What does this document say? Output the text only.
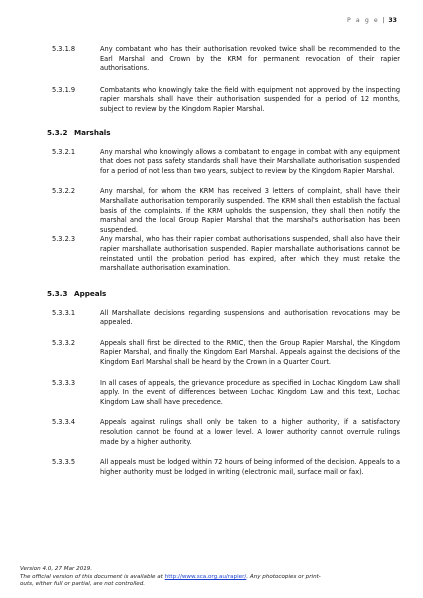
P a g e | 33
5.3.1.8	Any combatant who has their authorisation revoked twice shall be recommended to the Earl Marshal and Crown by the KRM for permanent revocation of their rapier authorisations.

5.3.1.9	Combatants who knowingly take the field with equipment not approved by the inspecting rapier marshals shall have their authorisation suspended for a period of 12 months, subject to review by the Kingdom Rapier Marshal.

5.3.2 Marshals
5.3.2.1	Any marshal who knowingly allows a combatant to engage in combat with any equipment that does not pass safety standards shall have their Marshallate authorisation suspended for a period of not less than two years, subject to review by the Kingdom Rapier Marshal.

5.3.2.2	Any marshal, for whom the KRM has received 3 letters of complaint, shall have their Marshallate authorisation temporarily suspended. The KRM shall then establish the factual basis of the complaints. If the KRM upholds the suspension, they shall then notify the marshal and the local Group Rapier Marshal that the marshal's authorisation has been suspended.

5.3.2.3	Any marshal, who has their rapier combat authorisations suspended, shall also have their rapier marshallate authorisation suspended. Rapier marshallate authorisations cannot be reinstated until the probation period has expired, after which they must retake the marshallate authorisation examination.

5.3.3 Appeals
5.3.3.1	All Marshallate decisions regarding suspensions and authorisation revocations may be appealed.

5.3.3.2	Appeals shall first be directed to the RMIC, then the Group Rapier Marshal, the Kingdom Rapier Marshal, and finally the Kingdom Earl Marshal. Appeals against the decisions of the Kingdom Earl Marshal shall be heard by the Crown in a Quarter Court.

5.3.3.3	In all cases of appeals, the grievance procedure as specified in Lochac Kingdom Law shall apply. In the event of differences between Lochac Kingdom Law and this text, Lochac Kingdom Law shall have precedence.

5.3.3.4	Appeals against rulings shall only be taken to a higher authority, if a satisfactory resolution cannot be found at a lower level. A lower authority cannot overrule rulings made by a higher authority.

5.3.3.5	All appeals must be lodged within 72 hours of being informed of the decision. Appeals to a higher authority must be lodged in writing (electronic mail, surface mail or fax).

Version 4.0, 27 Mar 2019.
The official version of this document is available at http://www.sca.org.au/rapier/. Any photocopies or print-
outs, either full or partial, are not controlled.
